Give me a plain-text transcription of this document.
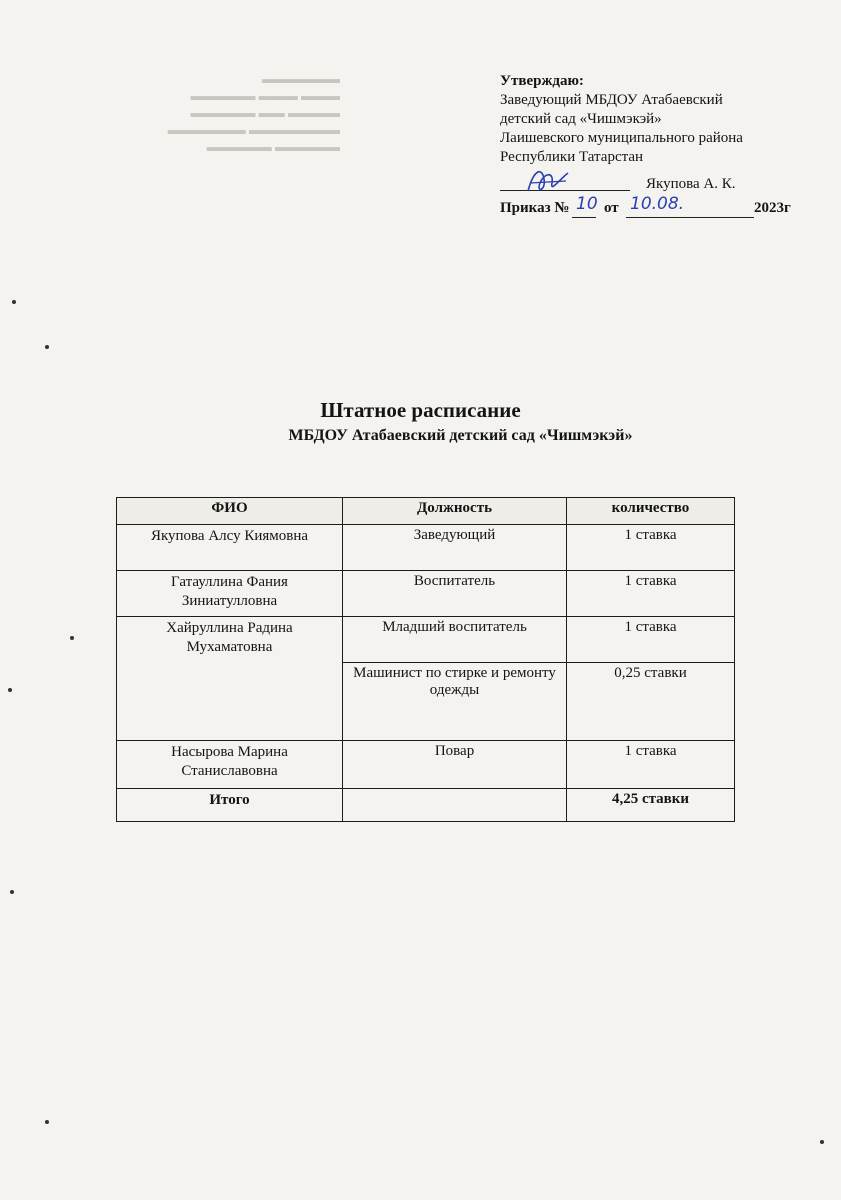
▬▬▬▬▬▬
▬▬▬ ▬▬▬ ▬▬▬▬▬
▬▬▬▬ ▬▬ ▬▬▬▬▬
▬▬▬▬▬▬▬ ▬▬▬▬▬▬
▬▬▬▬▬ ▬▬▬▬▬
Утверждаю:
Заведующий МБДОУ Атабаевский
детский сад «Чишмэкэй»
Лаишевского муниципального района
Республики Татарстан
Якупова А. К.
Приказ № 10 от 10.08.	2023г
Штатное расписание
МБДОУ Атабаевский детский сад «Чишмэкэй»
ФИО	Должность	количество
Якупова Алсу Киямовна	Заведующий	1 ставка
Гатауллина Фания Зиниатулловна	Воспитатель	1 ставка
Хайруллина Радина Мухаматовна	Младший воспитатель	1 ставка
	Машинист по стирке и ремонту одежды	0,25 ставки
Насырова Марина Станиславовна	Повар	1 ставка
Итого		4,25 ставки
